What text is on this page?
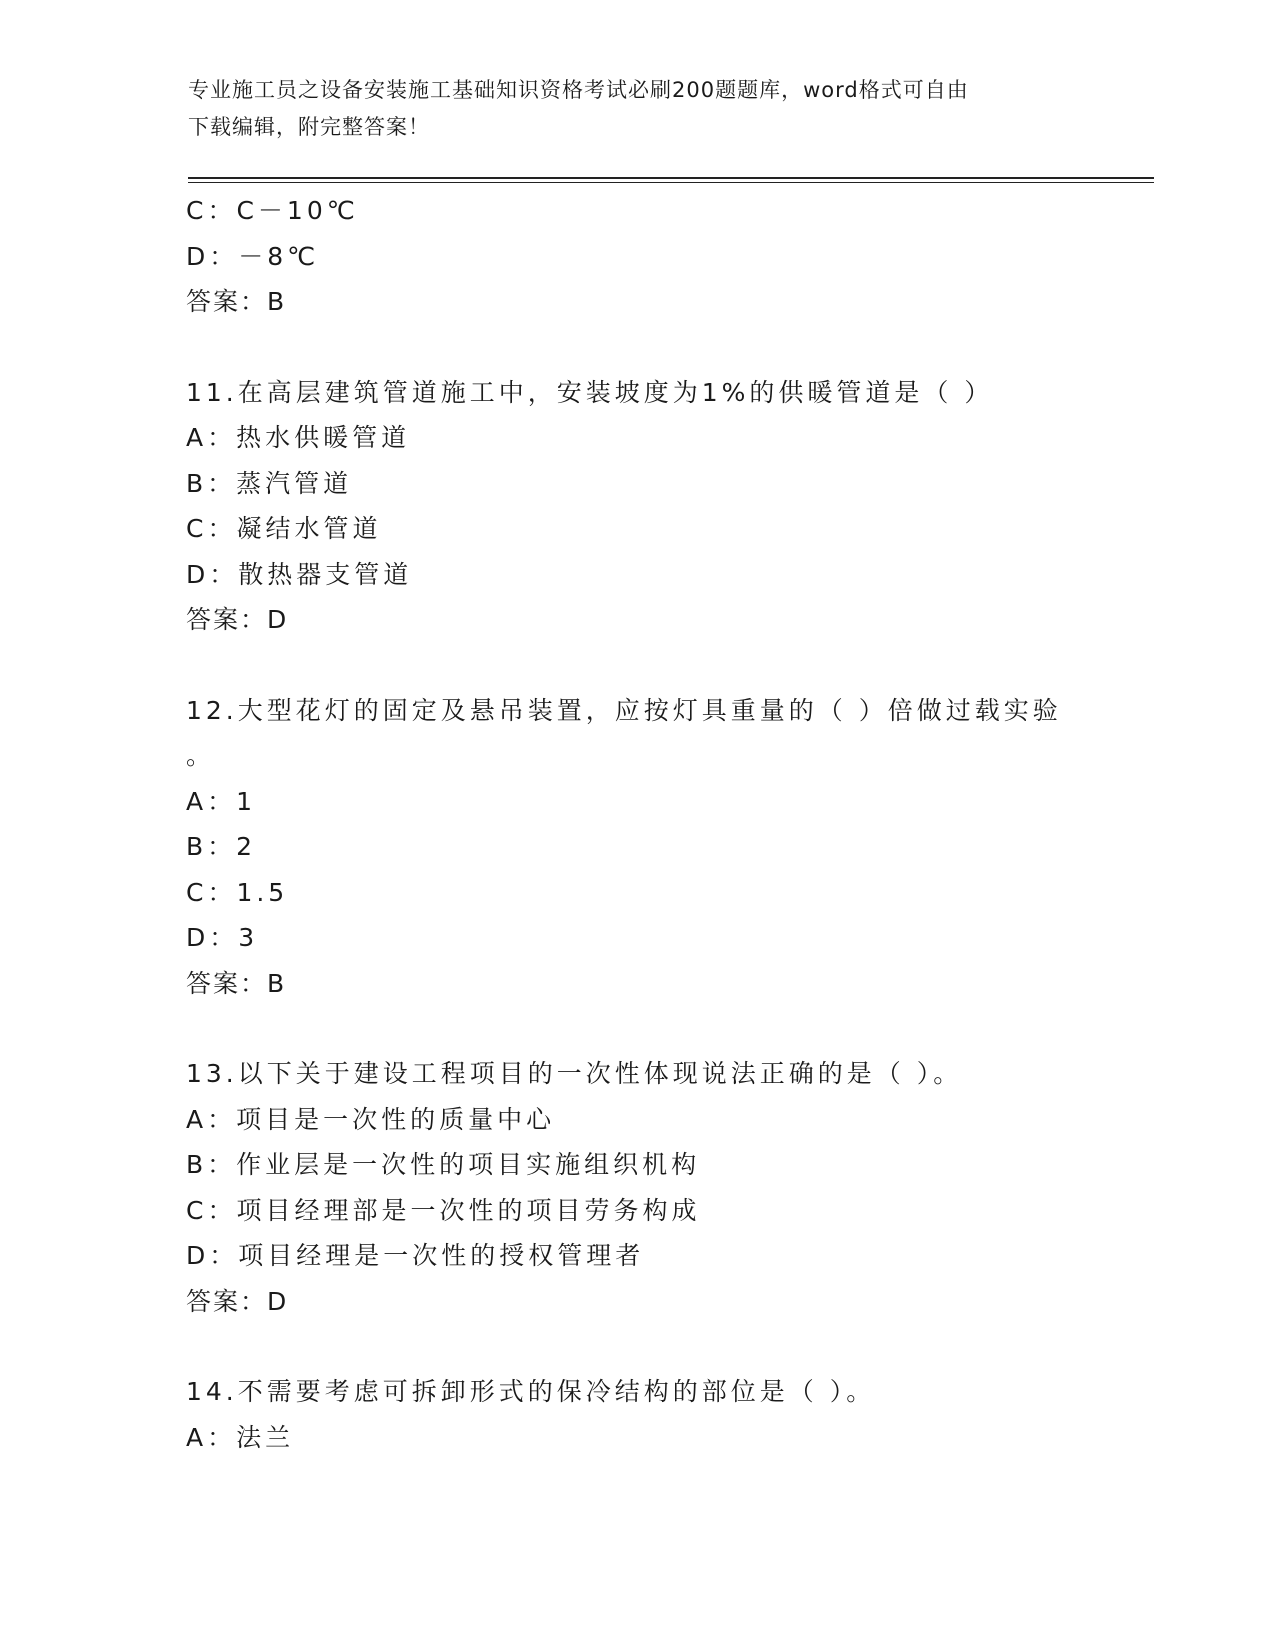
专业施工员之设备安装施工基础知识资格考试必刷200题题库，word格式可自由
下载编辑，附完整答案！
C：C－10℃
D：－8℃
答案：B
11.在高层建筑管道施工中，安装坡度为1%的供暖管道是（ ）
A：热水供暖管道
B：蒸汽管道
C：凝结水管道
D：散热器支管道
答案：D
12.大型花灯的固定及悬吊装置，应按灯具重量的（ ）倍做过载实验
。
A：1
B：2
C：1.5
D：3
答案：B
13.以下关于建设工程项目的一次性体现说法正确的是（ ）。
A：项目是一次性的质量中心
B：作业层是一次性的项目实施组织机构
C：项目经理部是一次性的项目劳务构成
D：项目经理是一次性的授权管理者
答案：D
14.不需要考虑可拆卸形式的保冷结构的部位是（ ）。
A：法兰
